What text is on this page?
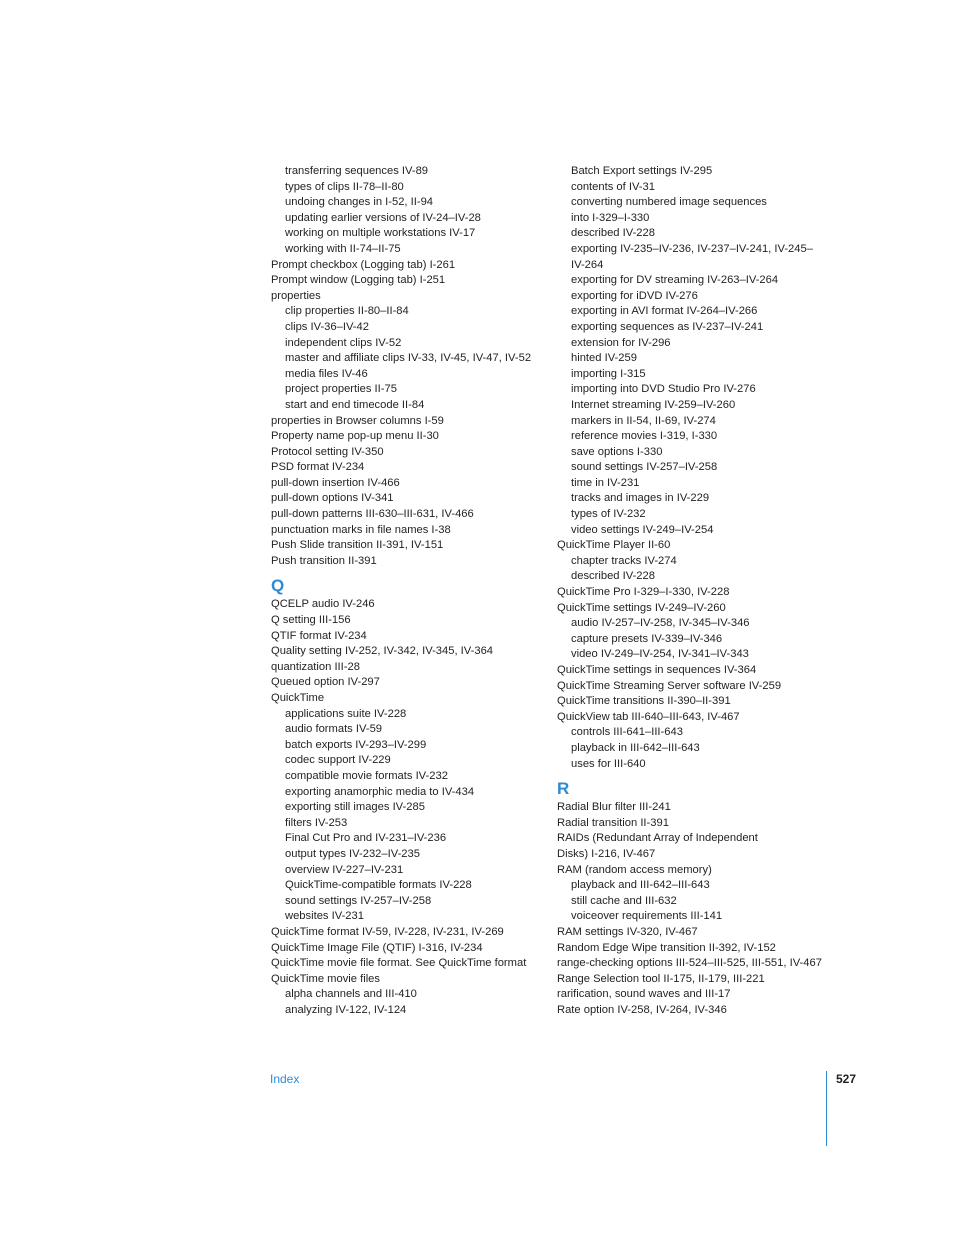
transferring sequences IV-89
types of clips II-78–II-80
undoing changes in I-52, II-94
updating earlier versions of IV-24–IV-28
working on multiple workstations IV-17
working with II-74–II-75
Prompt checkbox (Logging tab) I-261
Prompt window (Logging tab) I-251
properties
clip properties II-80–II-84
clips IV-36–IV-42
independent clips IV-52
master and affiliate clips IV-33, IV-45, IV-47, IV-52
media files IV-46
project properties II-75
start and end timecode II-84
properties in Browser columns I-59
Property name pop-up menu II-30
Protocol setting IV-350
PSD format IV-234
pull-down insertion IV-466
pull-down options IV-341
pull-down patterns III-630–III-631, IV-466
punctuation marks in file names I-38
Push Slide transition II-391, IV-151
Push transition II-391
Q
QCELP audio IV-246
Q setting III-156
QTIF format IV-234
Quality setting IV-252, IV-342, IV-345, IV-364
quantization III-28
Queued option IV-297
QuickTime
applications suite IV-228
audio formats IV-59
batch exports IV-293–IV-299
codec support IV-229
compatible movie formats IV-232
exporting anamorphic media to IV-434
exporting still images IV-285
filters IV-253
Final Cut Pro and IV-231–IV-236
output types IV-232–IV-235
overview IV-227–IV-231
QuickTime-compatible formats IV-228
sound settings IV-257–IV-258
websites IV-231
QuickTime format IV-59, IV-228, IV-231, IV-269
QuickTime Image File (QTIF) I-316, IV-234
QuickTime movie file format. See QuickTime format
QuickTime movie files
alpha channels and III-410
analyzing IV-122, IV-124
Batch Export settings IV-295
contents of IV-31
converting numbered image sequences
into I-329–I-330
described IV-228
exporting IV-235–IV-236, IV-237–IV-241, IV-245–
IV-264
exporting for DV streaming IV-263–IV-264
exporting for iDVD IV-276
exporting in AVI format IV-264–IV-266
exporting sequences as IV-237–IV-241
extension for IV-296
hinted IV-259
importing I-315
importing into DVD Studio Pro IV-276
Internet streaming IV-259–IV-260
markers in II-54, II-69, IV-274
reference movies I-319, I-330
save options I-330
sound settings IV-257–IV-258
time in IV-231
tracks and images in IV-229
types of IV-232
video settings IV-249–IV-254
QuickTime Player II-60
chapter tracks IV-274
described IV-228
QuickTime Pro I-329–I-330, IV-228
QuickTime settings IV-249–IV-260
audio IV-257–IV-258, IV-345–IV-346
capture presets IV-339–IV-346
video IV-249–IV-254, IV-341–IV-343
QuickTime settings in sequences IV-364
QuickTime Streaming Server software IV-259
QuickTime transitions II-390–II-391
QuickView tab III-640–III-643, IV-467
controls III-641–III-643
playback in III-642–III-643
uses for III-640
R
Radial Blur filter III-241
Radial transition II-391
RAIDs (Redundant Array of Independent
Disks) I-216, IV-467
RAM (random access memory)
playback and III-642–III-643
still cache and III-632
voiceover requirements III-141
RAM settings IV-320, IV-467
Random Edge Wipe transition II-392, IV-152
range-checking options III-524–III-525, III-551, IV-467
Range Selection tool II-175, II-179, III-221
rarification, sound waves and III-17
Rate option IV-258, IV-264, IV-346
Index	527
